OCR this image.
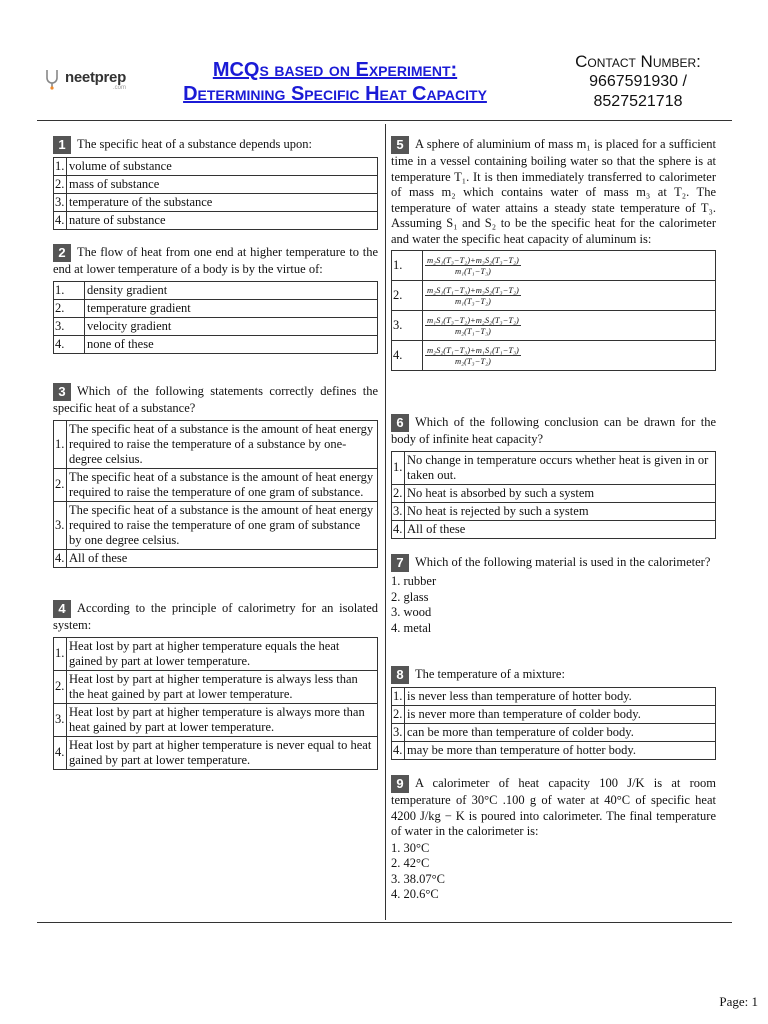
neetprep
.com
MCQs based on Experiment:
Determining Specific Heat Capacity
Contact Number:
9667591930 /
8527521718
1 The specific heat of a substance depends upon:
1.	volume of substance
2.	mass of substance
3.	temperature of the substance
4.	nature of substance
2 The flow of heat from one end at higher temperature to the end at lower temperature of a body is by the virtue of:
1.	density gradient
2.	temperature gradient
3.	velocity gradient
4.	none of these
3 Which of the following statements correctly defines the specific heat of a substance?
1.	The specific heat of a substance is the amount of heat energy required to raise the temperature of a substance by one-degree celsius.
2.	The specific heat of a substance is the amount of heat energy required to raise the temperature of one gram of substance.
3.	The specific heat of a substance is the amount of heat energy required to raise the temperature of one gram of substance by one degree celsius.
4.	All of these
4 According to the principle of calorimetry for an isolated system:
1.	Heat lost by part at higher temperature equals the heat gained by part at lower temperature.
2.	Heat lost by part at higher temperature is always less than the heat gained by part at lower temperature.
3.	Heat lost by part at higher temperature is always more than heat gained by part at lower temperature.
4.	Heat lost by part at higher temperature is never equal to heat gained by part at lower temperature.
5 A sphere of aluminium of mass m₁ is placed for a sufficient time in a vessel containing boiling water so that the sphere is at temperature T₁. It is then immediately transferred to calorimeter of mass m₂ which contains water of mass m₃ at T₂. The temperature of water attains a steady state temperature of T₃. Assuming S₁ and S₂ to be the specific heat for the calorimeter and water the specific heat capacity of aluminum is:
1.	$\frac{\text{m₂S₁(T₃−T₂)+m₃S₂(T₃−T₂)}}{\text{m₁(T₁−T₃)}}$

2.	$\frac{\text{m₂S₁(T₁−T₃)+m₃S₂(T₃−T₂)}}{\text{m₁(T₃−T₂)}}$

3.	$\frac{\text{m₁S₁(T₃−T₂)+m₂S₂(T₃−T₂)}}{\text{m₂(T₁−T₃)}}$

4.	$\frac{\text{m₂S₂(T₁−T₃)+m₁S₁(T₁−T₃)}}{\text{m₂(T₃−T₂)}}$
6 Which of the following conclusion can be drawn for the body of infinite heat capacity?
1.	No change in temperature occurs whether heat is given in or taken out.
2.	No heat is absorbed by such a system
3.	No heat is rejected by such a system
4.	All of these
7 Which of the following material is used in the calorimeter?
1. rubber
2. glass
3. wood
4. metal
8 The temperature of a mixture:
1.	is never less than temperature of hotter body.
2.	is never more than temperature of colder body.
3.	can be more than temperature of colder body.
4.	may be more than temperature of hotter body.
9 A calorimeter of heat capacity 100 J/K is at room temperature of 30°C .100 g of water at 40°C of specific heat 4200 J/kg − K is poured into calorimeter. The final temperature of water in the calorimeter is:
1. 30°C
2. 42°C
3. 38.07°C
4. 20.6°C
Page: 1
